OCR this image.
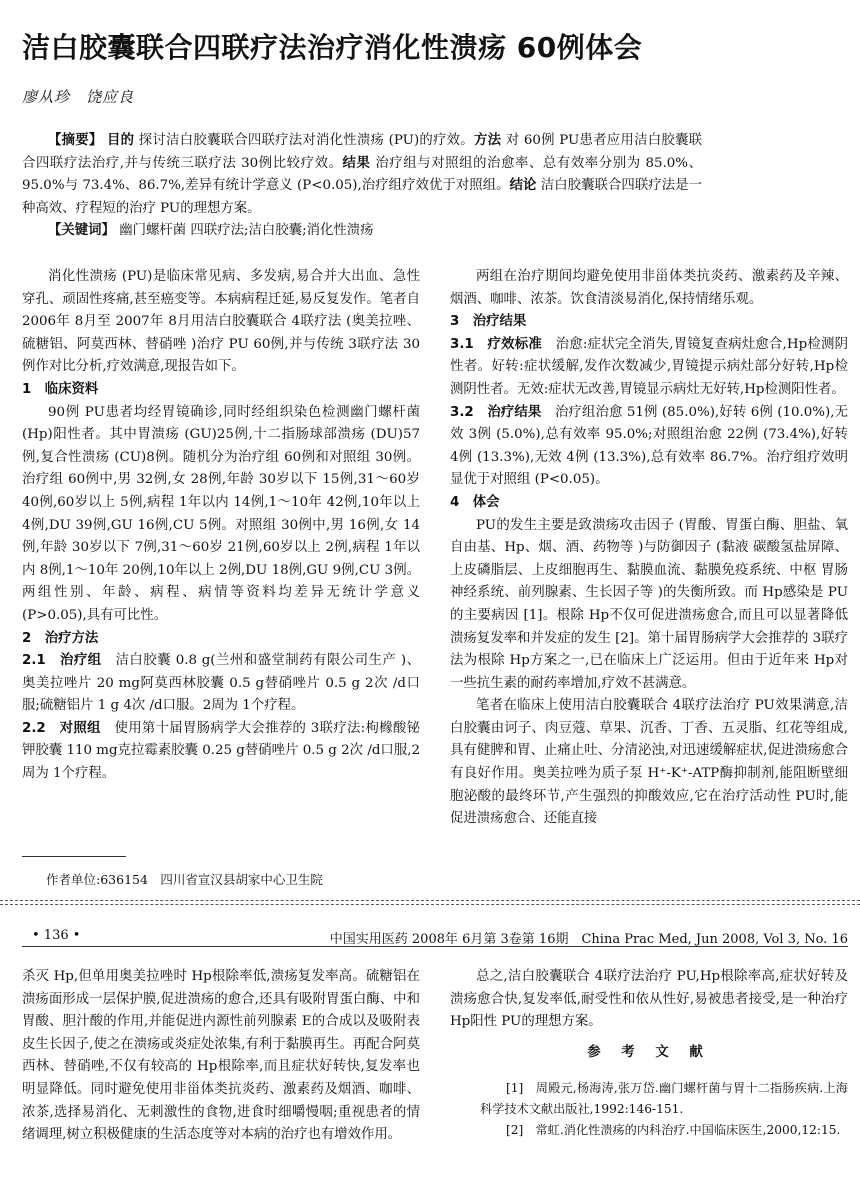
洁白胶囊联合四联疗法治疗消化性溃疡 60例体会
廖从珍　饶应良

【摘要】 目的 探讨洁白胶囊联合四联疗法对消化性溃疡 (PU)的疗效。方法 对 60例 PU患者应用洁白胶囊联合四联疗法治疗,并与传统三联疗法 30例比较疗效。结果 治疗组与对照组的治愈率、总有效率分别为 85.0%、95.0%与 73.4%、86.7%,差异有统计学意义 (P<0.05),治疗组疗效优于对照组。结论 洁白胶囊联合四联疗法是一种高效、疗程短的治疗 PU的理想方案。

【关键词】 幽门螺杆菌 四联疗法;洁白胶囊;消化性溃疡

消化性溃疡 (PU)是临床常见病、多发病,易合并大出血、急性穿孔、顽固性疼痛,甚至癌变等。本病病程迁延,易反复发作。笔者自 2006年 8月至 2007年 8月用洁白胶囊联合 4联疗法 (奥美拉唑、硫糖铝、阿莫西林、替硝唑 )治疗 PU 60例,并与传统 3联疗法 30例作对比分析,疗效满意,现报告如下。

1　临床资料

90例 PU患者均经胃镜确诊,同时经组织染色检测幽门螺杆菌 (Hp)阳性者。其中胃溃疡 (GU)25例,十二指肠球部溃疡 (DU)57例,复合性溃疡 (CU)8例。随机分为治疗组 60例和对照组 30例。治疗组 60例中,男 32例,女 28例,年龄 30岁以下 15例,31～60岁 40例,60岁以上 5例,病程 1年以内 14例,1～10年 42例,10年以上 4例,DU 39例,GU 16例,CU 5例。对照组 30例中,男 16例,女 14例,年龄 30岁以下 7例,31～60岁 21例,60岁以上 2例,病程 1年以内 8例,1～10年 20例,10年以上 2例,DU 18例,GU 9例,CU 3例。两组性别、年龄、病程、病情等资料均差异无统计学意义 (P>0.05),具有可比性。

2　治疗方法

2.1　治疗组　 洁白胶囊 0.8 g(兰州和盛堂制药有限公司生产 )、奥美拉唑片 20 mg阿莫西林胶囊 0.5 g替硝唑片 0.5 g 2次 /d口服;硫糖铝片 1 g 4次 /d口服。2周为 1个疗程。

2.2　对照组　 使用第十届胃肠病学大会推荐的 3联疗法:枸橼酸铋钾胶囊 110 mg克拉霉素胶囊 0.25 g替硝唑片 0.5 g 2次 /d口服,2周为 1个疗程。

作者单位:636154　四川省宣汉县胡家中心卫生院

两组在治疗期间均避免使用非甾体类抗炎药、激素药及辛辣、烟酒、咖啡、浓茶。饮食清淡易消化,保持情绪乐观。

3　治疗结果

3.1　疗效标准　 治愈:症状完全消失,胃镜复查病灶愈合,Hp检测阴性者。好转:症状缓解,发作次数减少,胃镜提示病灶部分好转,Hp检测阴性者。无效:症状无改善,胃镜显示病灶无好转,Hp检测阳性者。

3.2　治疗结果　 治疗组治愈 51例 (85.0%),好转 6例 (10.0%),无效 3例 (5.0%),总有效率 95.0%;对照组治愈 22例 (73.4%),好转 4例 (13.3%),无效 4例 (13.3%),总有效率 86.7%。治疗组疗效明显优于对照组 (P<0.05)。

4　体会

PU的发生主要是致溃疡攻击因子 (胃酸、胃蛋白酶、胆盐、氧自由基、Hp、烟、酒、药物等 )与防御因子 (黏液 碳酸氢盐屏障、上皮磷脂层、上皮细胞再生、黏膜血流、黏膜免疫系统、中枢 胃肠神经系统、前列腺素、生长因子等 )的失衡所致。而 Hp感染是 PU的主要病因 [1]。根除 Hp不仅可促进溃疡愈合,而且可以显著降低溃疡复发率和并发症的发生 [2]。第十届胃肠病学大会推荐的 3联疗法为根除 Hp方案之一,已在临床上广泛运用。但由于近年来 Hp对一些抗生素的耐药率增加,疗效不甚满意。

笔者在临床上使用洁白胶囊联合 4联疗法治疗 PU效果满意,洁白胶囊由诃子、肉豆蔻、草果、沉香、丁香、五灵脂、红花等组成,具有健脾和胃、止痛止吐、分清泌浊,对迅速缓解症状,促进溃疡愈合有良好作用。奥美拉唑为质子泵 H⁺-K⁺-ATP酶抑制剂,能阻断壁细胞泌酸的最终环节,产生强烈的抑酸效应,它在治疗活动性 PU时,能促进溃疡愈合、还能直接

• 136 •	中国实用医药 2008年 6月第 3卷第 16期　China Prac Med, Jun 2008, Vol 3, No. 16

杀灭 Hp,但单用奥美拉唑时 Hp根除率低,溃疡复发率高。硫糖铝在溃疡面形成一层保护膜,促进溃疡的愈合,还具有吸附胃蛋白酶、中和胃酸、胆汁酸的作用,并能促进内源性前列腺素 E的合成以及吸附表皮生长因子,使之在溃疡或炎症处浓集,有利于黏膜再生。再配合阿莫西林、替硝唑,不仅有较高的 Hp根除率,而且症状好转快,复发率也明显降低。同时避免使用非甾体类抗炎药、激素药及烟酒、咖啡、浓茶,选择易消化、无刺激性的食物,进食时细嚼慢咽;重视患者的情绪调理,树立积极健康的生活态度等对本病的治疗也有增效作用。

总之,洁白胶囊联合 4联疗法治疗 PU,Hp根除率高,症状好转及溃疡愈合快,复发率低,耐受性和依从性好,易被患者接受,是一种治疗 Hp阳性 PU的理想方案。

参 考 文 献

[1]　周殿元,杨海涛,张万岱.幽门螺杆菌与胃十二指肠疾病.上海科学技术文献出版社,1992:146-151.

[2]　常虹.消化性溃疡的内科治疗.中国临床医生,2000,12:15.
